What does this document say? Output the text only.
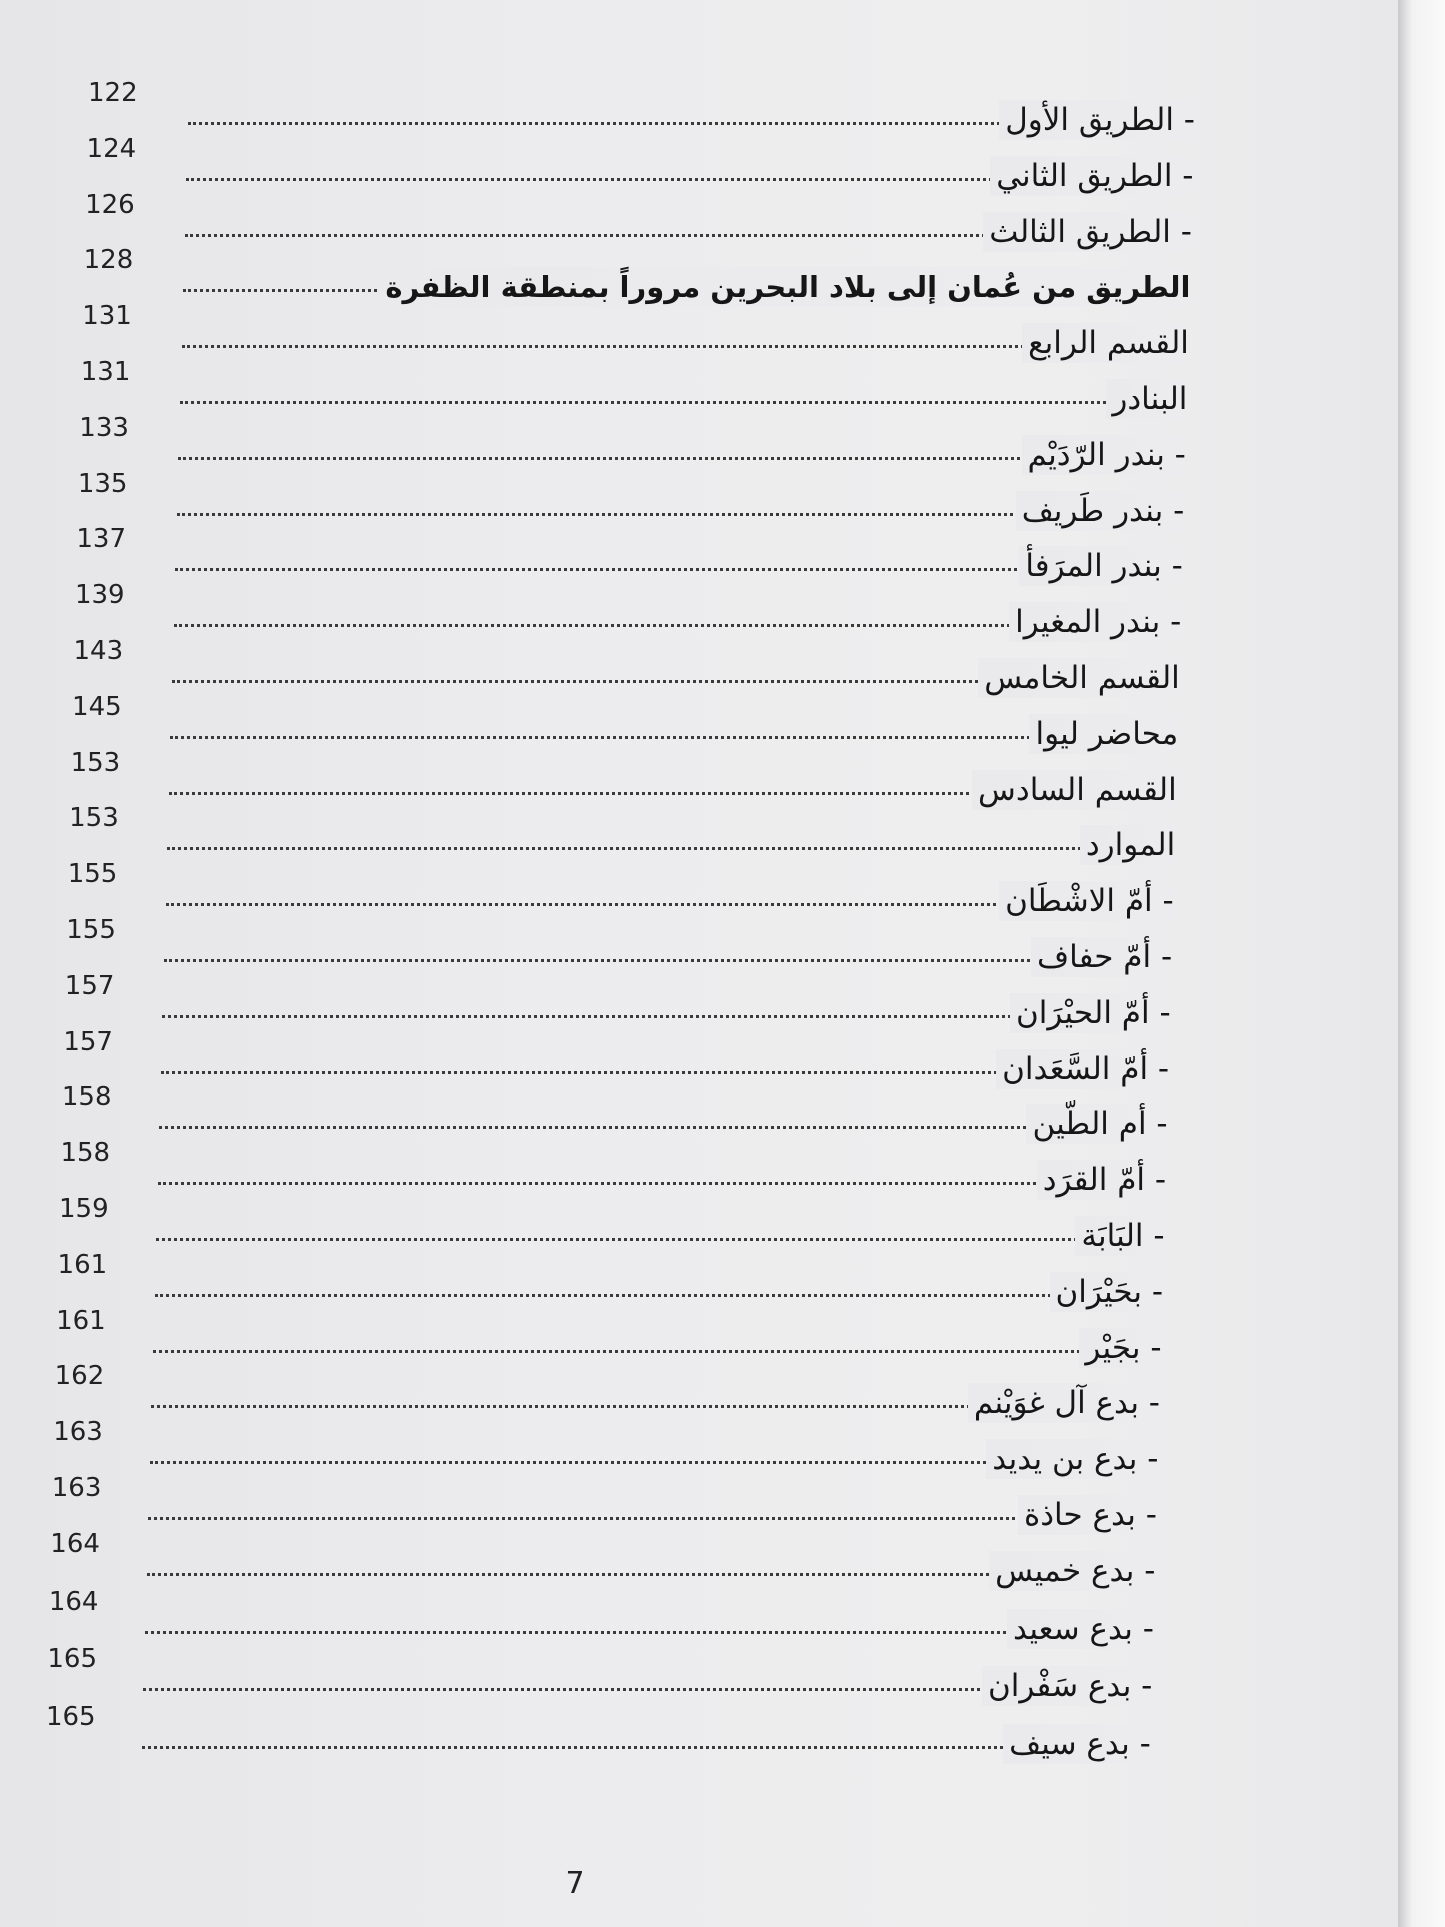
122
- الطريق الأول
124
- الطريق الثاني
126
- الطريق الثالث
128
الطريق من عُمان إلى بلاد البحرين مروراً بمنطقة الظفرة
131
القسم الرابع
131
البنادر
133
- بندر الرّدَيْم
135
- بندر طَريف
137
- بندر المرَفأ
139
- بندر المغيرا
143
القسم الخامس
145
محاضر ليوا
153
القسم السادس
153
الموارد
155
- أمّ الاشْطَان
155
- أمّ حفاف
157
- أمّ الحيْرَان
157
- أمّ السَّعَدان
158
- أم الطّين
158
- أمّ القرَد
159
- البَابَة
161
- بحَيْرَان
161
- بجَيْر
162
- بدع آل غوَيْنم
163
- بدع بن يديد
163
- بدع حاذة
164
- بدع خميس
164
- بدع سعيد
165
- بدع سَفْران
165
- بدع سيف
7
